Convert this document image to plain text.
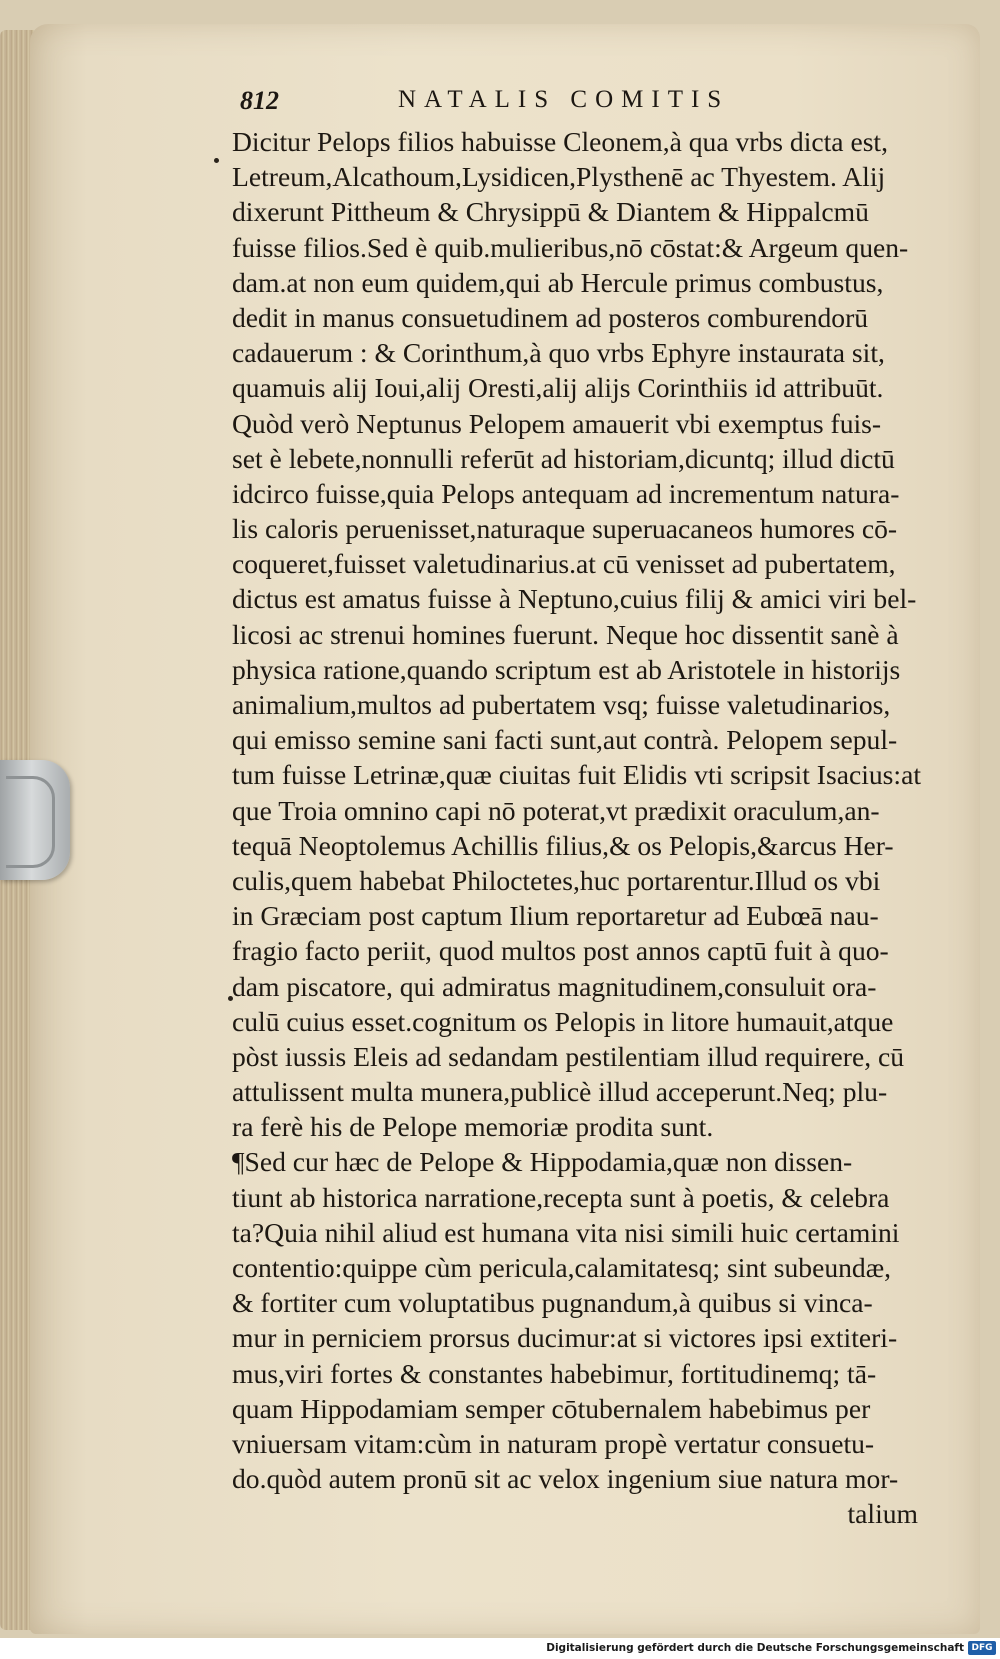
812	NATALIS COMITIS
Dicitur Pelops filios habuisse Cleonem,à qua vrbs dicta est,
Letreum,Alcathoum,Lysidicen,Plysthenē ac Thyestem. Alij
dixerunt Pittheum & Chrysippū & Diantem & Hippalcmū
fuisse filios.Sed è quib.mulieribus,nō cōstat:& Argeum quen-
dam.at non eum quidem,qui ab Hercule primus combustus,
dedit in manus consuetudinem ad posteros comburendorū
cadauerum : & Corinthum,à quo vrbs Ephyre instaurata sit,
quamuis alij Ioui,alij Oresti,alij alijs Corinthiis id attribuūt.
Quòd verò Neptunus Pelopem amauerit vbi exemptus fuis-
set è lebete,nonnulli referūt ad historiam,dicuntq; illud dictū
idcirco fuisse,quia Pelops antequam ad incrementum natura-
lis caloris peruenisset,naturaque superuacaneos humores cō-
coqueret,fuisset valetudinarius.at cū venisset ad pubertatem,
dictus est amatus fuisse à Neptuno,cuius filij & amici viri bel-
licosi ac strenui homines fuerunt. Neque hoc dissentit sanè à
physica ratione,quando scriptum est ab Aristotele in historijs
animalium,multos ad pubertatem vsq; fuisse valetudinarios,
qui emisso semine sani facti sunt,aut contrà. Pelopem sepul-
tum fuisse Letrinæ,quæ ciuitas fuit Elidis vti scripsit Isacius:at
que Troia omnino capi nō poterat,vt prædixit oraculum,an-
tequā Neoptolemus Achillis filius,& os Pelopis,&arcus Her-
culis,quem habebat Philoctetes,huc portarentur.Illud os vbi
in Græciam post captum Ilium reportaretur ad Eubœā nau-
fragio facto periit, quod multos post annos captū fuit à quo-
dam piscatore, qui admiratus magnitudinem,consuluit ora-
culū cuius esset.cognitum os Pelopis in litore humauit,atque
pòst iussis Eleis ad sedandam pestilentiam illud requirere, cū
attulissent multa munera,publicè illud acceperunt.Neq; plu-
ra ferè his de Pelope memoriæ prodita sunt.
¶Sed cur hæc de Pelope & Hippodamia,quæ non dissen-
tiunt ab historica narratione,recepta sunt à poetis, & celebra
ta?Quia nihil aliud est humana vita nisi simili huic certamini
contentio:quippe cùm pericula,calamitatesq; sint subeundæ,
& fortiter cum voluptatibus pugnandum,à quibus si vinca-
mur in perniciem prorsus ducimur:at si victores ipsi extiteri-
mus,viri fortes & constantes habebimur, fortitudinemq; tā-
quam Hippodamiam semper cōtubernalem habebimus per
vniuersam vitam:cùm in naturam propè vertatur consuetu-
do.quòd autem pronū sit ac velox ingenium siue natura mor-
talium
Digitalisierung gefördert durch die Deutsche Forschungsgemeinschaft DFG
